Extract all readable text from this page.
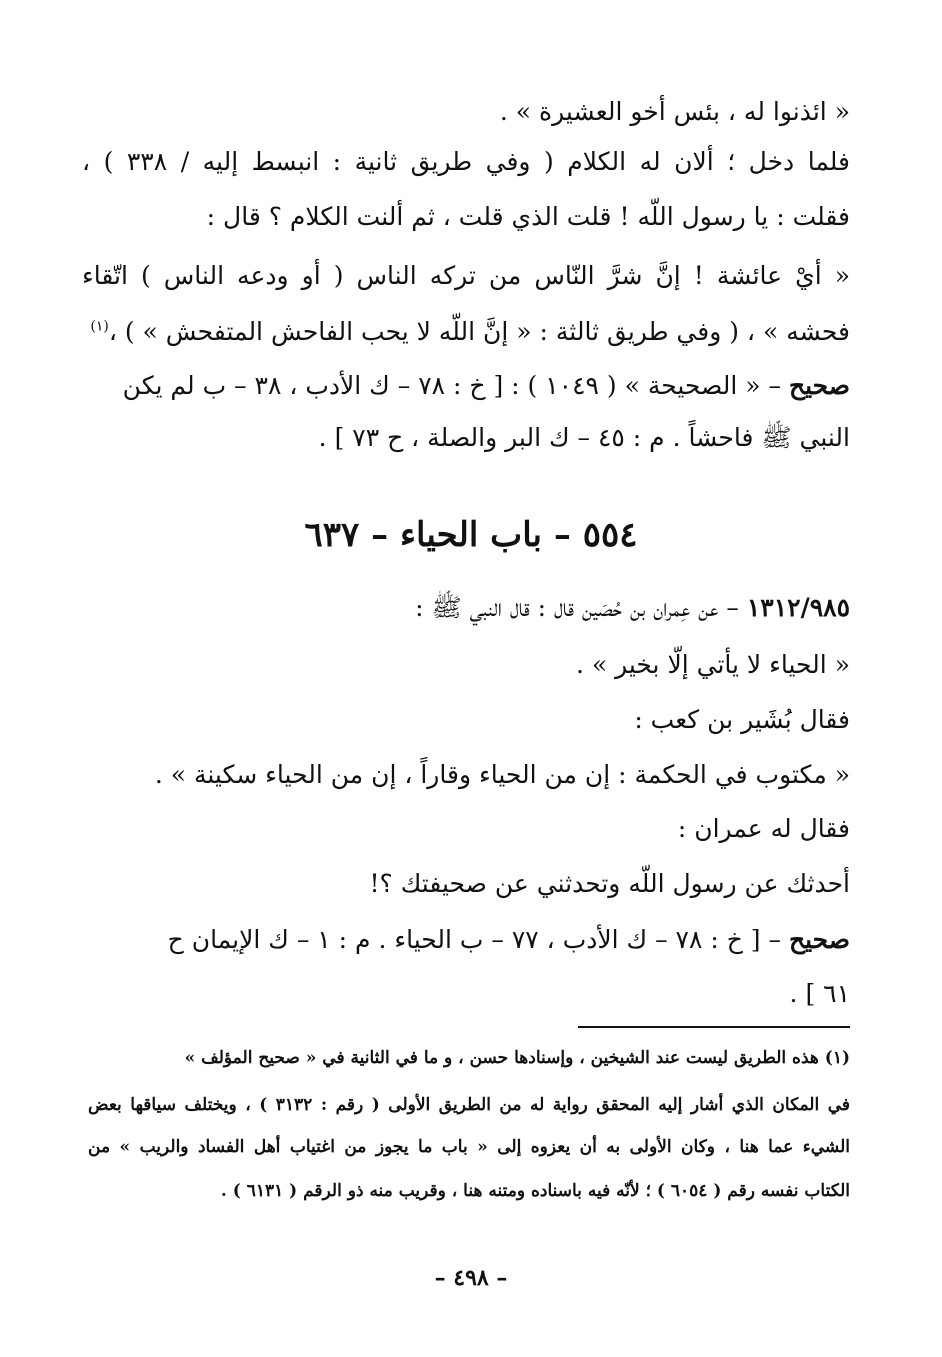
« ائذنوا له ، بئس أخو العشيرة » .
فلما دخل ؛ ألان له الكلام ( وفي طريق ثانية : انبسط إليه / ٣٣٨ ) ،
فقلت : يا رسول اللّه ! قلت الذي قلت ، ثم ألنت الكلام ؟ قال :
« أيْ عائشة ! إنَّ شرَّ النّاس من تركه الناس ( أو ودعه الناس ) اتّقاء
فحشه » ، ( وفي طريق ثالثة : « إنَّ اللّه لا يحب الفاحش المتفحش » ) ،$^{(١)}$
صحيح – « الصحيحة » ( ١٠٤٩ ) : [ خ : ٧٨ – ك الأدب ، ٣٨ – ب لم يكن
النبي ﷺ فاحشاً . م : ٤٥ – ك البر والصلة ، ح ٧٣ ] .
٥٥٤ – باب الحياء – ٦٣٧
١٣١٢/٩٨٥ – عن عِمران بن حُصَين قال : قال النبي ﷺ :
« الحياء لا يأتي إلّا بخير » .
فقال بُشَير بن كعب :
« مكتوب في الحكمة : إن من الحياء وقاراً ، إن من الحياء سكينة » .
فقال له عمران :
أحدثك عن رسول اللّه وتحدثني عن صحيفتك ؟!
صحيح – [ خ : ٧٨ – ك الأدب ، ٧٧ – ب الحياء . م : ١ – ك الإيمان ح
٦١ ] .
(١) هذه الطريق ليست عند الشيخين ، وإسنادها حسن ، و ما في الثانية في « صحيح المؤلف »
في المكان الذي أشار إليه المحقق رواية له من الطريق الأولى ( رقم : ٣١٣٢ ) ، ويختلف سياقها بعض
الشيء عما هنا ، وكان الأولى به أن يعزوه إلى « باب ما يجوز من اغتياب أهل الفساد والريب » من
الكتاب نفسه رقم ( ٦٠٥٤ ) ؛ لأنّه فيه باسناده ومتنه هنا ، وقريب منه ذو الرقم ( ٦١٣١ ) .
– ٤٩٨ –
